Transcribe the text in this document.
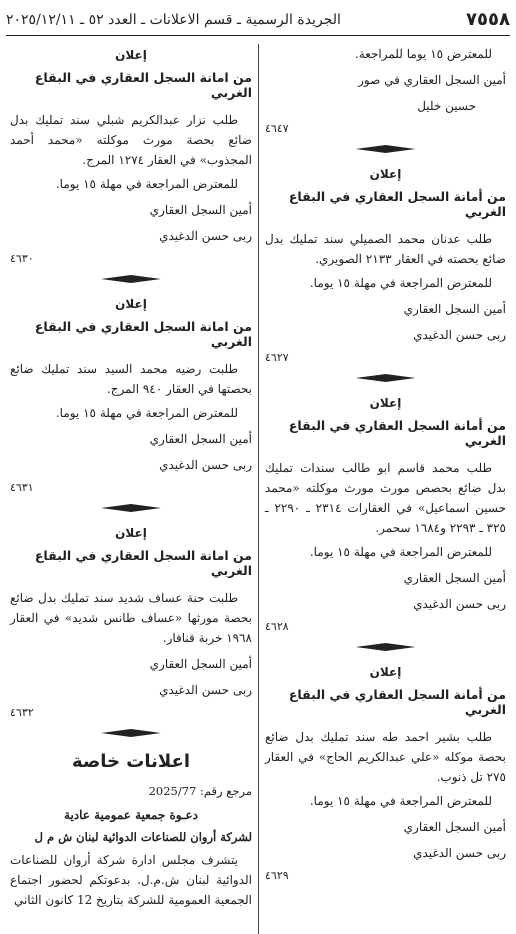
٧٥٥٨
الجريدة الرسمية ـ قسم الاعلانات ـ العدد ٥٢ ـ ٢٠٢٥/١٢/١١
للمعترض ١٥ يوما للمراجعة.
أمين السجل العقاري في صور
حسين خليل
٤٦٤٧
إعلان
من أمانة السجل العقاري في البقاع الغربي
طلب عدنان محمد الصميلي سند تمليك بدل ضائع بحصته في العقار ٢١٣٣ الصويري.
للمعترض المراجعة في مهلة ١٥ يوما.
أمين السجل العقاري
ربى حسن الدغيدي
٤٦٢٧
إعلان
من أمانة السجل العقاري في البقاع الغربي
طلب محمد قاسم ابو طالب سندات تمليك بدل ضائع بحصص مورث مورث موكلته «محمد حسين اسماعيل» في العقارات ٢٣١٤ ـ ٢٢٩٠ ـ ٣٢٥ ـ ٢٢٩٣ و١٦٨٤ سحمر.
للمعترض المراجعة في مهلة ١٥ يوما.
أمين السجل العقاري
ربى حسن الدغيدي
٤٦٢٨
إعلان
من أمانة السجل العقاري في البقاع الغربي
طلب بشير احمد طه سند تمليك بدل ضائع بحصة موكله «علي عبدالكريم الحاج» في العقار ٢٧٥ تل ذنوب.
للمعترض المراجعة في مهلة ١٥ يوما.
أمين السجل العقاري
ربى حسن الدغيدي
٤٦٢٩
إعلان
من امانة السجل العقاري في البقاع الغربي
طلب نزار عبدالكريم شبلي سند تمليك بدل ضائع بحصة مورث موكلته «محمد أحمد المجذوب» في العقار ١٢٧٤ المرج.
للمعترض المراجعة في مهلة ١٥ يوما.
أمين السجل العقاري
ربى حسن الدغيدي
٤٦٣٠
إعلان
من امانة السجل العقاري في البقاع الغربي
طلبت رضيه محمد السيد سند تمليك ضائع بحصتها في العقار ٩٤٠ المرج.
للمعترض المراجعة في مهلة ١٥ يوما.
أمين السجل العقاري
ربى حسن الدغيدي
٤٦٣١
إعلان
من امانة السجل العقاري في البقاع الغربي
طلبت حنة عساف شديد سند تمليك بدل ضائع بحصة مورثها «عساف طانس شديد» في العقار ١٩٦٨ خربة قنافار.
أمين السجل العقاري
ربى حسن الدغيدي
٤٦٣٢
اعلانات خاصة
مرجع رقم: 2025/77
دعـوة جمعية عمومية عادية
لشركة أروان للصناعات الدوائية لبنان ش م ل
يتشرف مجلس ادارة شركة أروان للصناعات الدوائية لبنان ش.م.ل. بدعوتكم لحضور اجتماع الجمعية العمومية للشركة بتاريخ 12 كانون الثاني
